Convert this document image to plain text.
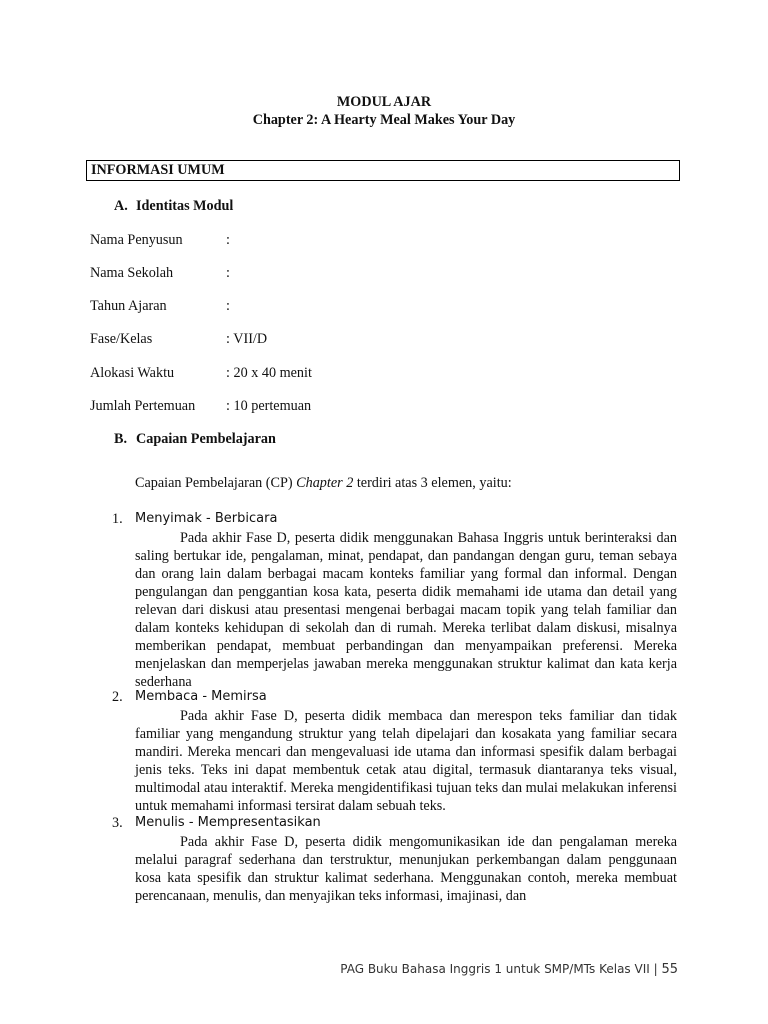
MODUL AJAR
Chapter 2: A Hearty Meal Makes Your Day
INFORMASI UMUM
A. Identitas Modul
Nama Penyusun	:
Nama Sekolah	:
Tahun Ajaran	:
Fase/Kelas	: VII/D
Alokasi Waktu	: 20 x 40 menit
Jumlah Pertemuan : 10 pertemuan
B. Capaian Pembelajaran
Capaian Pembelajaran (CP) Chapter 2 terdiri atas 3 elemen, yaitu:
1. Menyimak - Berbicara
Pada akhir Fase D, peserta didik menggunakan Bahasa Inggris untuk berinteraksi dan saling bertukar ide, pengalaman, minat, pendapat, dan pandangan dengan guru, teman sebaya dan orang lain dalam berbagai macam konteks familiar yang formal dan informal. Dengan pengulangan dan penggantian kosa kata, peserta didik memahami ide utama dan detail yang relevan dari diskusi atau presentasi mengenai berbagai macam topik yang telah familiar dan dalam konteks kehidupan di sekolah dan di rumah. Mereka terlibat dalam diskusi, misalnya memberikan pendapat, membuat perbandingan dan menyampaikan preferensi. Mereka menjelaskan dan memperjelas jawaban mereka menggunakan struktur kalimat dan kata kerja sederhana
2. Membaca - Memirsa
Pada akhir Fase D, peserta didik membaca dan merespon teks familiar dan tidak familiar yang mengandung struktur yang telah dipelajari dan kosakata yang familiar secara mandiri. Mereka mencari dan mengevaluasi ide utama dan informasi spesifik dalam berbagai jenis teks. Teks ini dapat membentuk cetak atau digital, termasuk diantaranya teks visual, multimodal atau interaktif. Mereka mengidentifikasi tujuan teks dan mulai melakukan inferensi untuk memahami informasi tersirat dalam sebuah teks.
3. Menulis - Mempresentasikan
Pada akhir Fase D, peserta didik mengomunikasikan ide dan pengalaman mereka melalui paragraf sederhana dan terstruktur, menunjukan perkembangan dalam penggunaan kosa kata spesifik dan struktur kalimat sederhana. Menggunakan contoh, mereka membuat perencanaan, menulis, dan menyajikan teks informasi, imajinasi, dan
PAG Buku Bahasa Inggris 1 untuk SMP/MTs Kelas VII | 55
